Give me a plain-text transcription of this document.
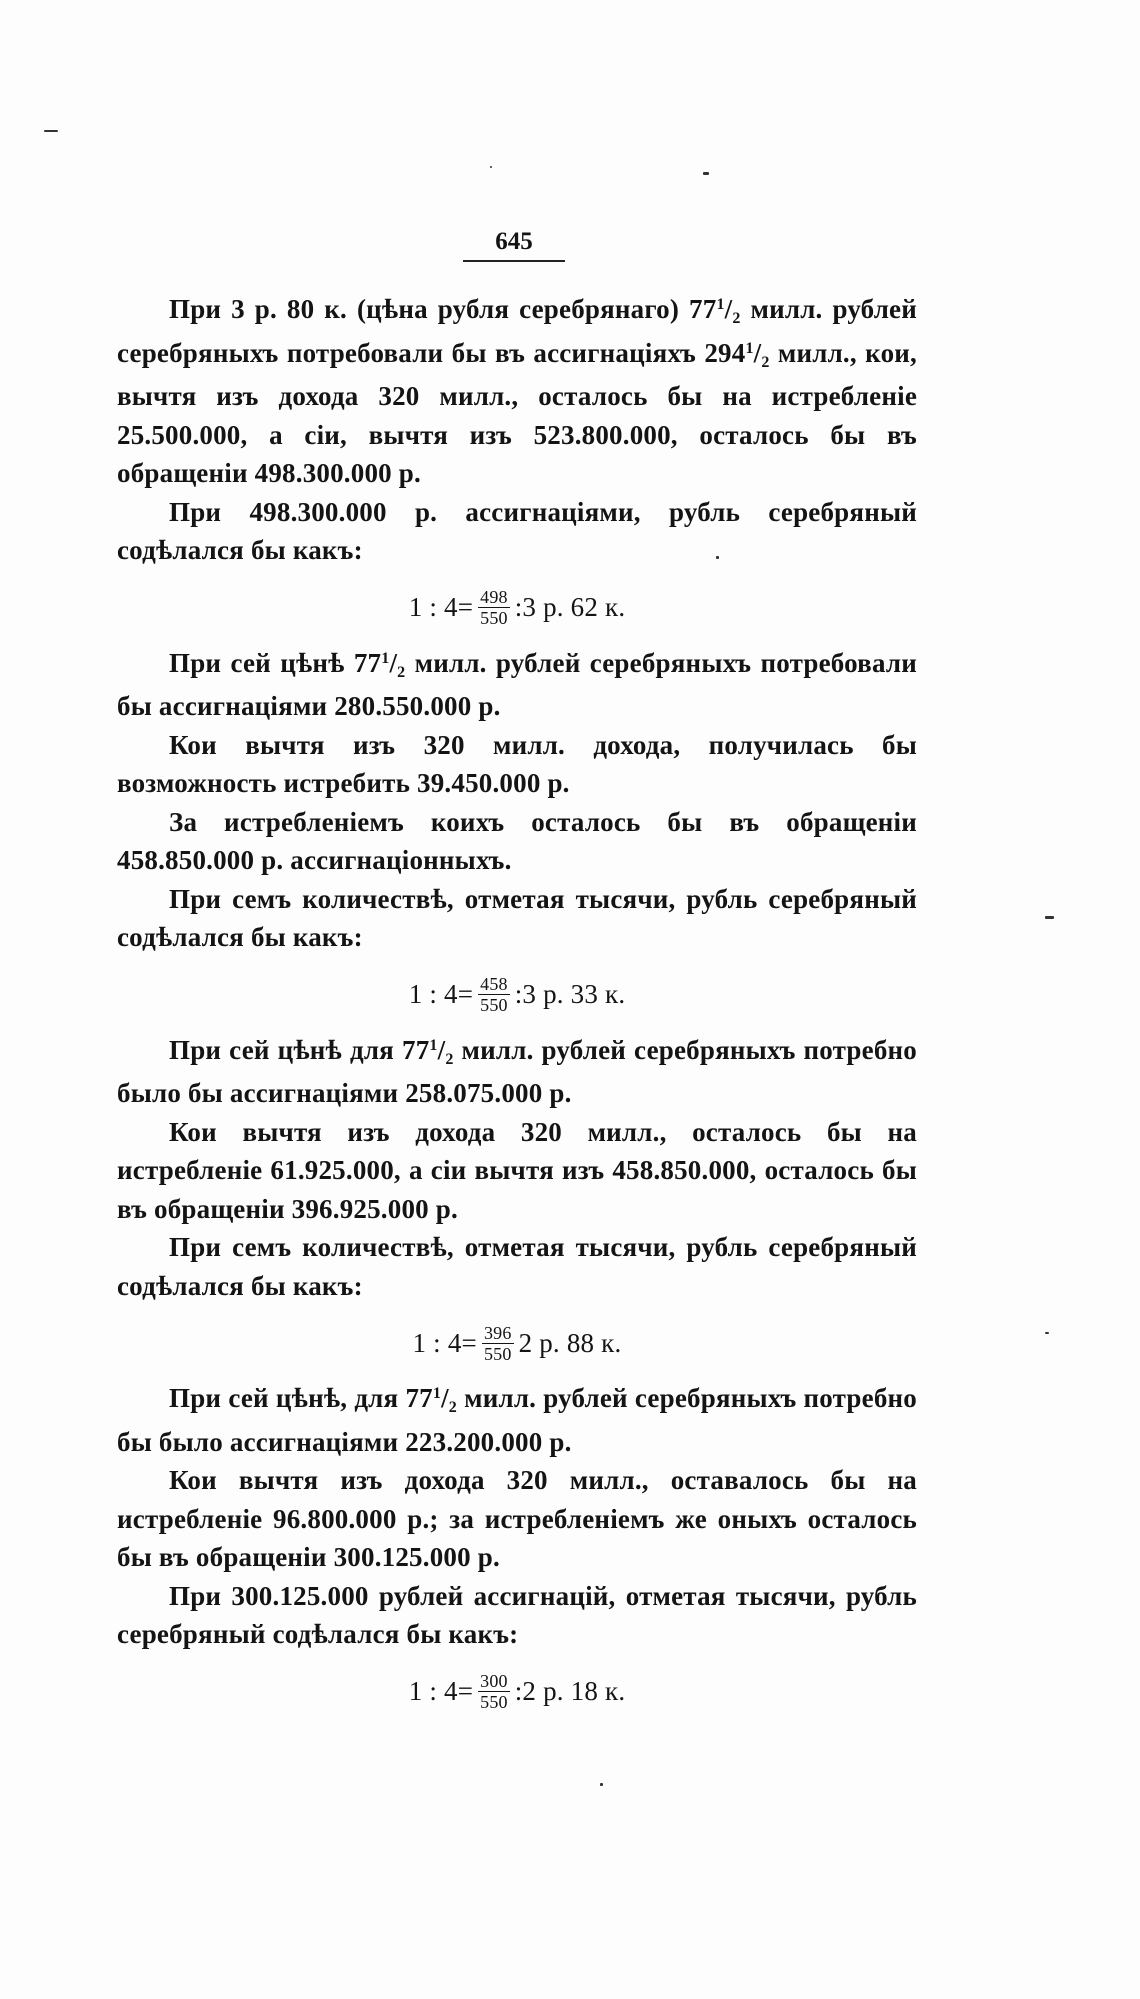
645

При 3 р. 80 к. (цѣна рубля серебрянаго) $77^1/2$ милл. рублей серебряныхъ потребовали бы въ ассигнаціяхъ $294^1/2$ милл., кои, вычтя изъ дохода 320 милл., осталось бы на истребленіе 25.500.000, а сіи, вычтя изъ 523.800.000, осталось бы въ обращеніи 498.300.000 р.

При 498.300.000 р. ассигнаціями, рубль серебряный содѣлался бы какъ:

1 : $4= \frac{498}{550}$ :3 р. 62 к.

При сей цѣнѣ $77^1/2$ милл. рублей серебряныхъ потребовали бы ассигнаціями 280.550.000 р.

Кои вычтя изъ 320 милл. дохода, получилась бы возможность истребить 39.450.000 р.

За истребленіемъ коихъ осталось бы въ обращеніи 458.850.000 р. ассигнаціонныхъ.

При семъ количествѣ, отметая тысячи, рубль серебряный содѣлался бы какъ:

1 : $4= \frac{458}{550}$ :3 р. 33 к.

При сей цѣнѣ для $77^1/2$ милл. рублей серебряныхъ потребно было бы ассигнаціями 258.075.000 р.

Кои вычтя изъ дохода 320 милл., осталось бы на истребленіе 61.925.000, а сіи вычтя изъ 458.850.000, осталось бы въ обращеніи 396.925.000 р.

При семъ количествѣ, отметая тысячи, рубль серебряный содѣлался бы какъ:

1 : $4= \frac{396}{550} 2$ р. 88 к.

При сей цѣнѣ, для $77^1/2$ милл. рублей серебряныхъ потребно бы было ассигнаціями 223.200.000 р.

Кои вычтя изъ дохода 320 милл., оставалось бы на истребленіе 96.800.000 р.; за истребленіемъ же оныхъ осталось бы въ обращеніи 300.125.000 р.

При 300.125.000 рублей ассигнацій, отметая тысячи, рубль серебряный содѣлался бы какъ:

1 : $4= \frac{300}{550}$ :2 р. 18 к.
